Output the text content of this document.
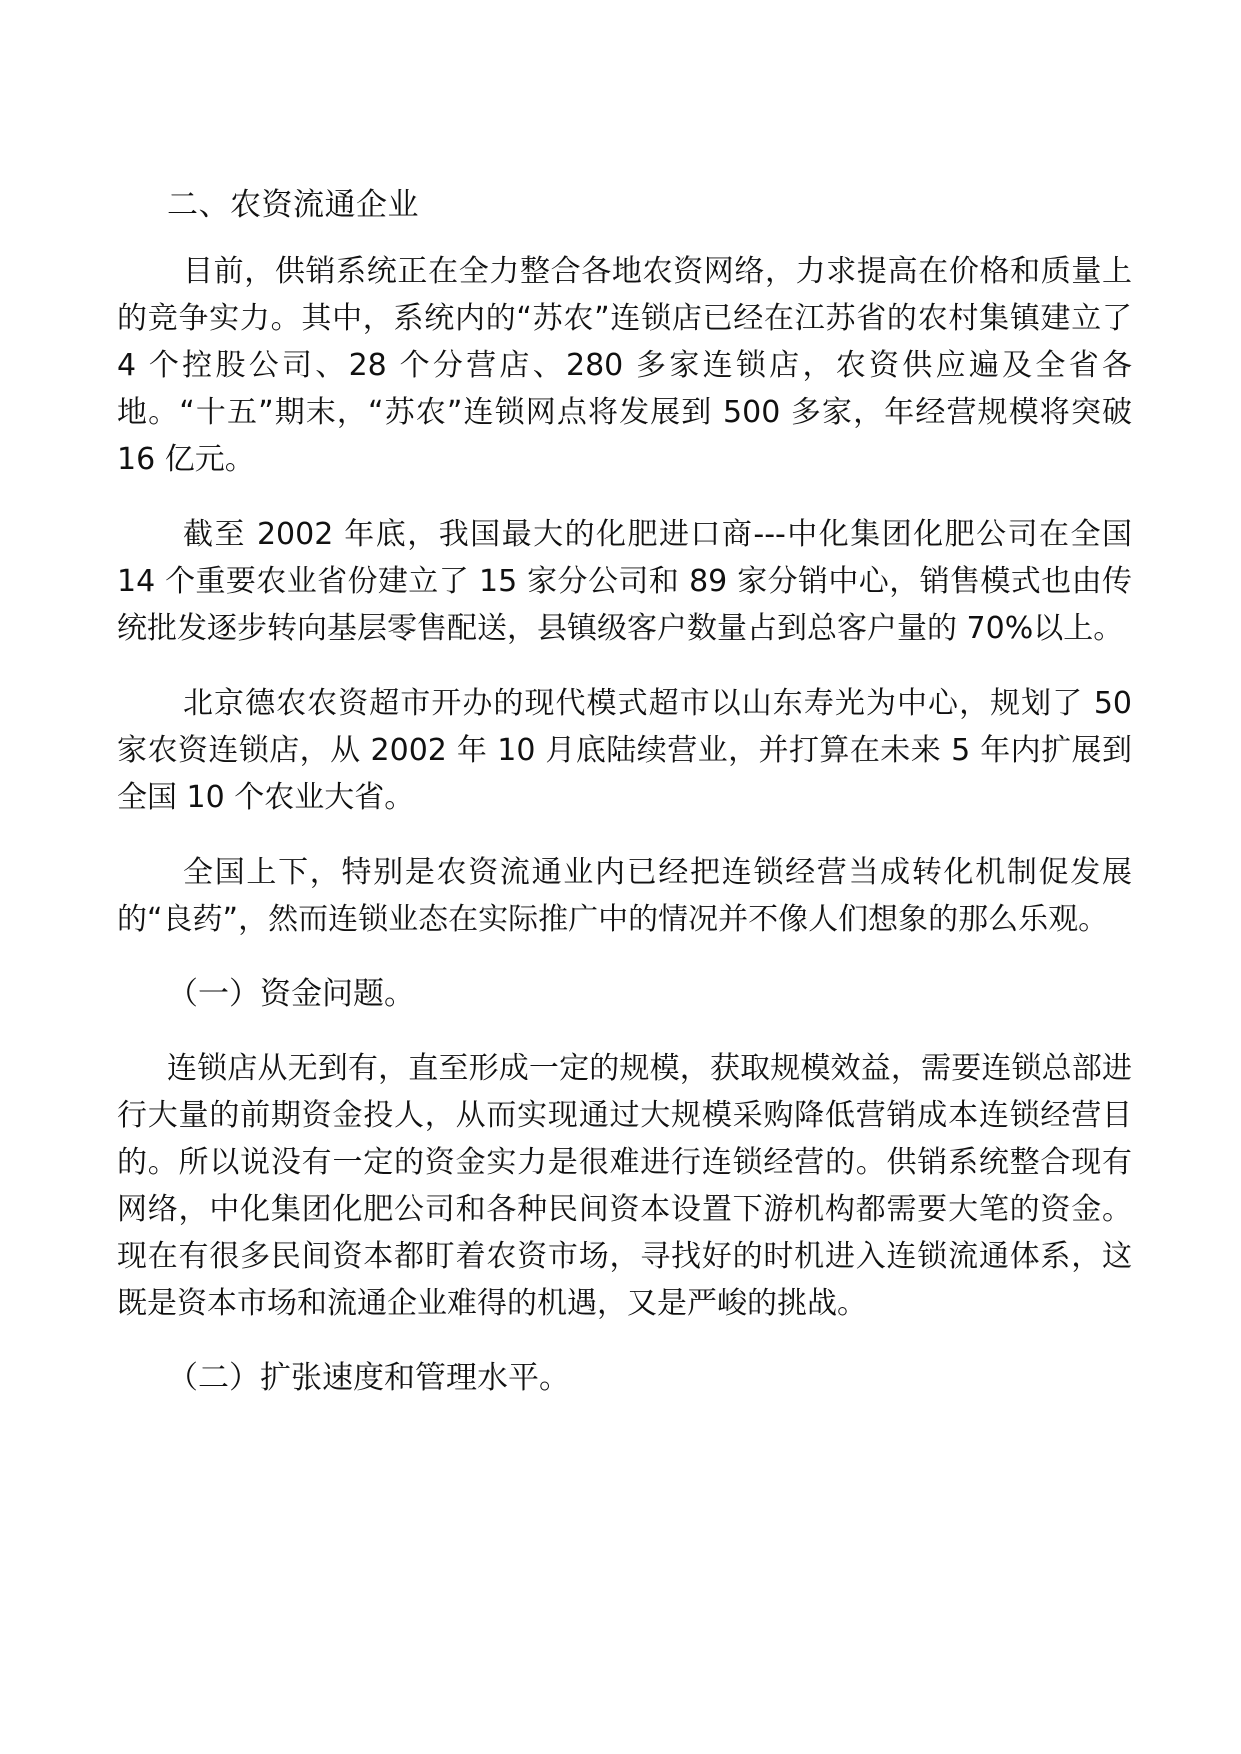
二、农资流通企业

目前，供销系统正在全力整合各地农资网络，力求提高在价格和质量上的竞争实力。其中，系统内的“苏农”连锁店已经在江苏省的农村集镇建立了 4 个控股公司、28 个分营店、280 多家连锁店，农资供应遍及全省各地。“十五”期末，“苏农”连锁网点将发展到 500 多家，年经营规模将突破 16 亿元。

截至 2002 年底，我国最大的化肥进口商---中化集团化肥公司在全国 14 个重要农业省份建立了 15 家分公司和 89 家分销中心，销售模式也由传统批发逐步转向基层零售配送，县镇级客户数量占到总客户量的 70%以上。

北京德农农资超市开办的现代模式超市以山东寿光为中心，规划了 50 家农资连锁店，从 2002 年 10 月底陆续营业，并打算在未来 5 年内扩展到全国 10 个农业大省。

全国上下，特别是农资流通业内已经把连锁经营当成转化机制促发展的“良药”，然而连锁业态在实际推广中的情况并不像人们想象的那么乐观。

（一）资金问题。

连锁店从无到有，直至形成一定的规模，获取规模效益，需要连锁总部进行大量的前期资金投人，从而实现通过大规模采购降低营销成本连锁经营目的。所以说没有一定的资金实力是很难进行连锁经营的。供销系统整合现有网络，中化集团化肥公司和各种民间资本设置下游机构都需要大笔的资金。现在有很多民间资本都盯着农资市场，寻找好的时机进入连锁流通体系，这既是资本市场和流通企业难得的机遇，又是严峻的挑战。

（二）扩张速度和管理水平。
